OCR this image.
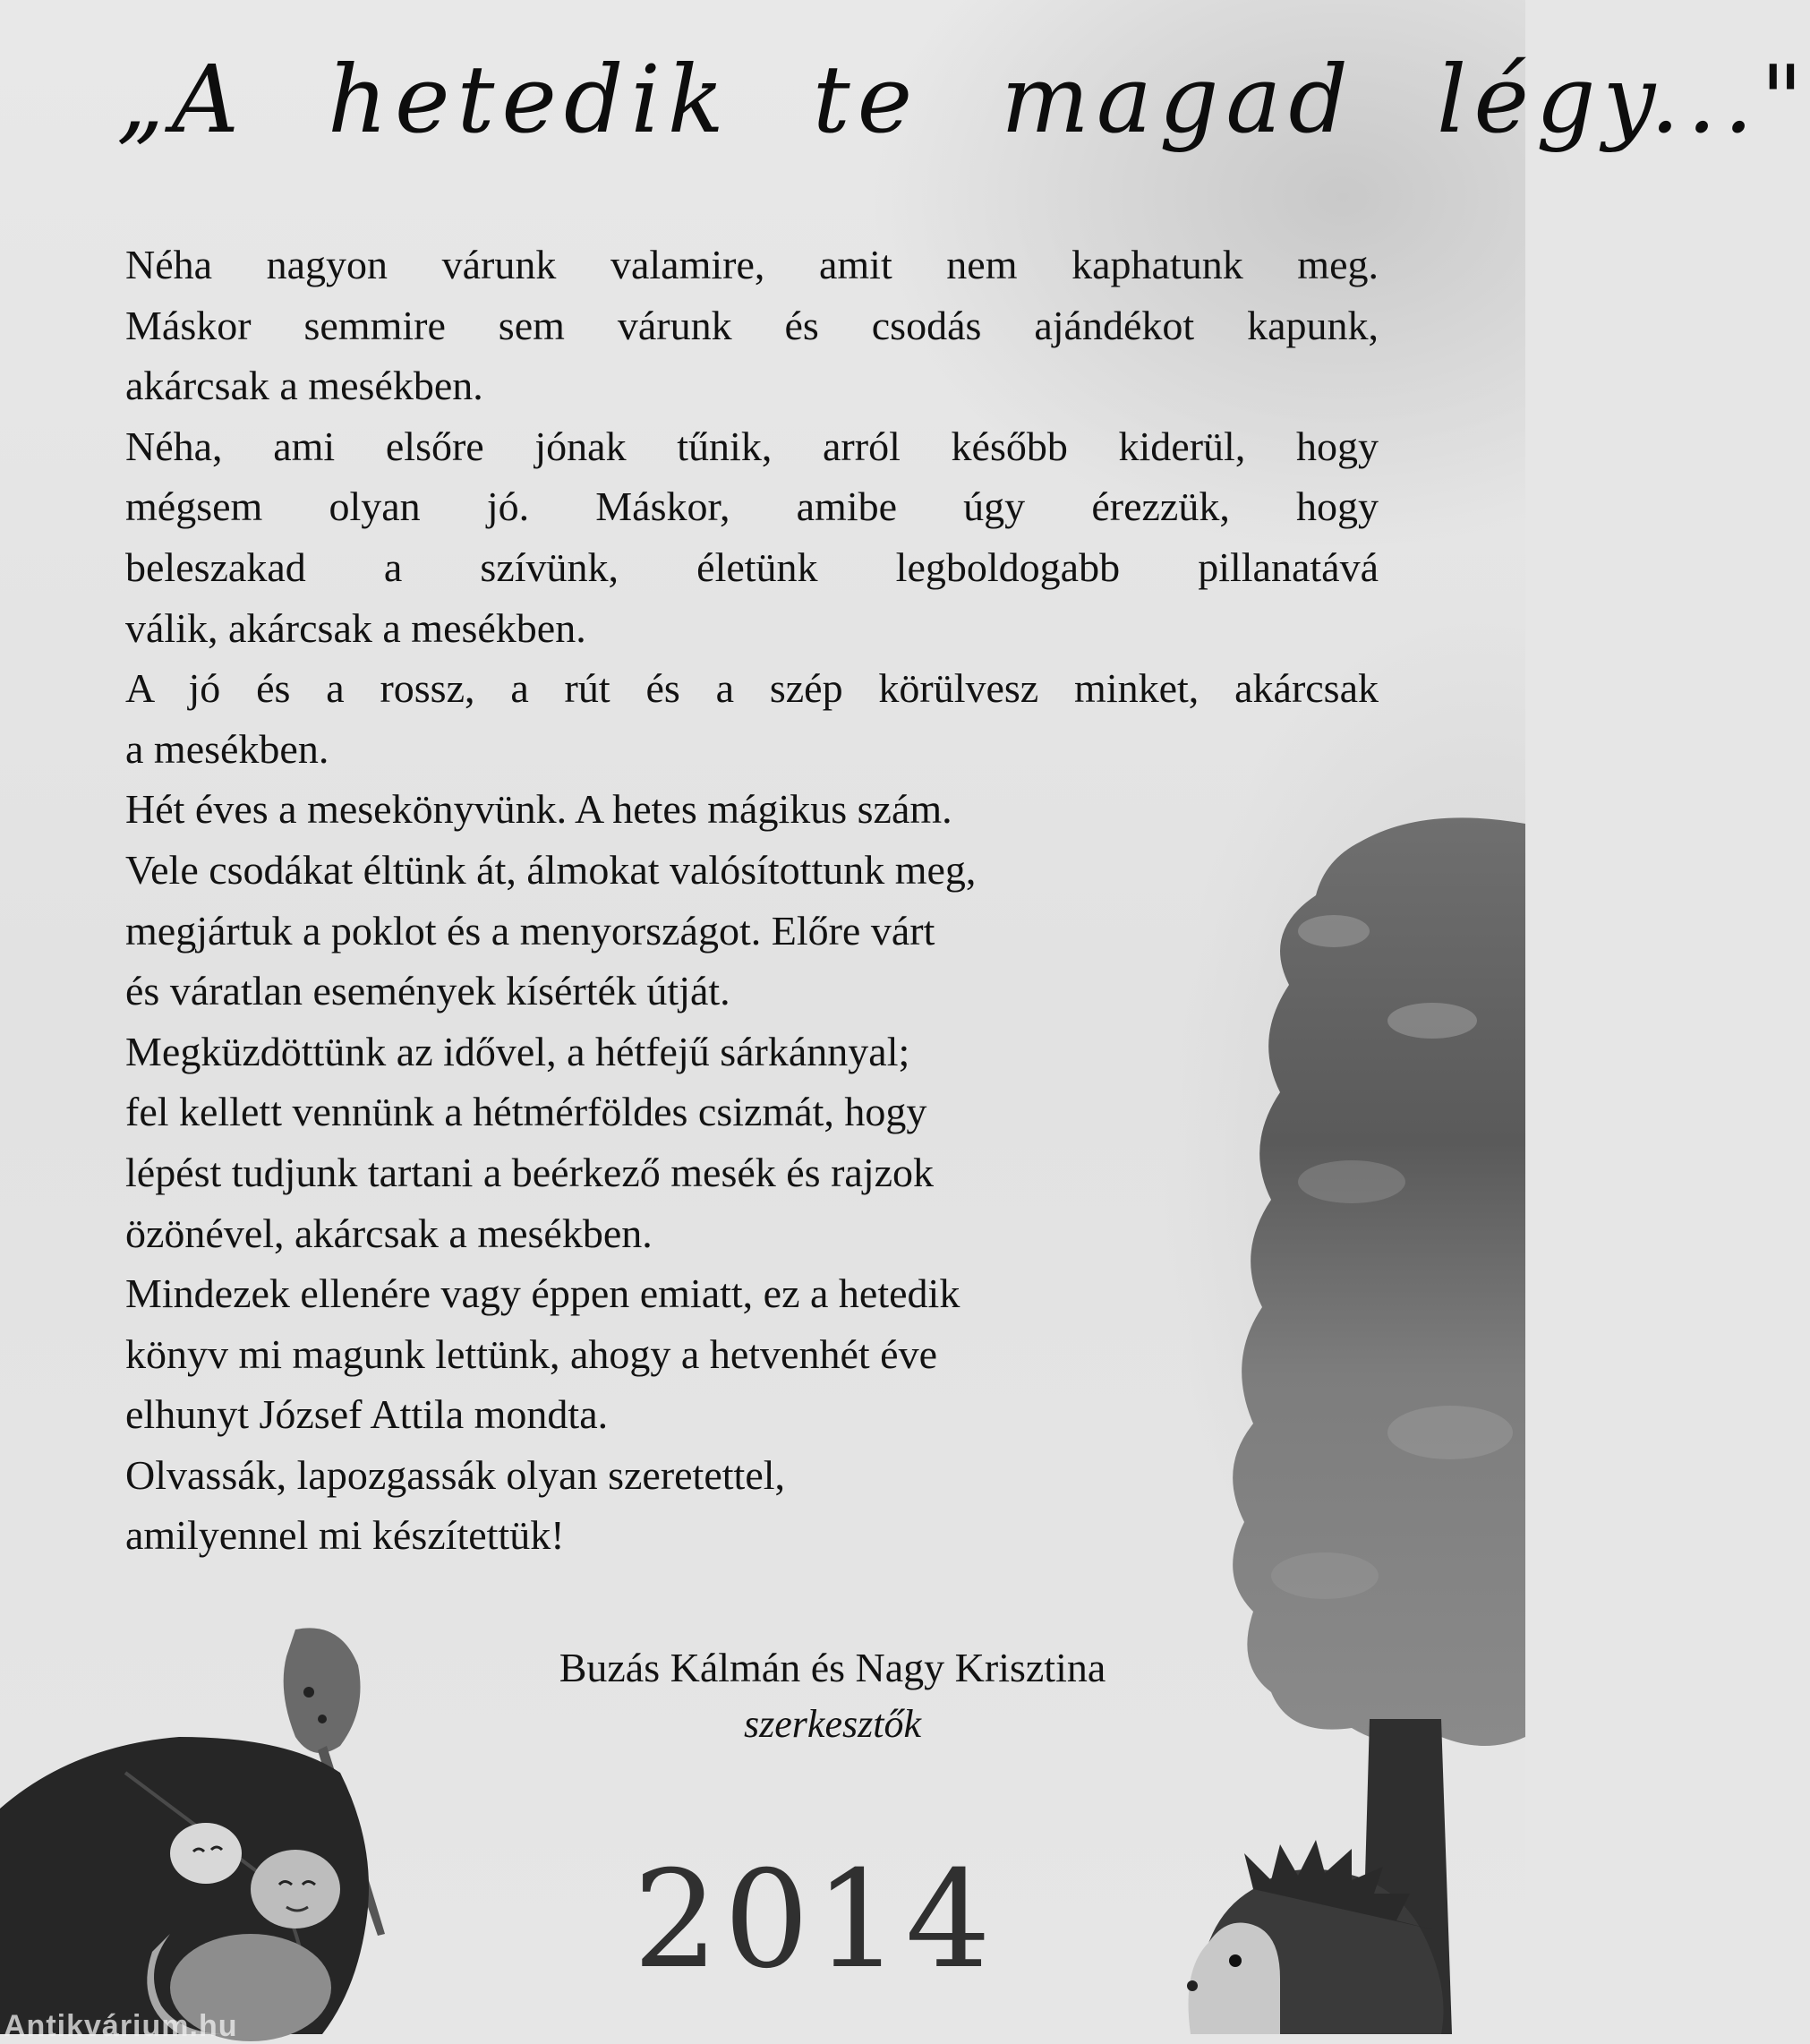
„A hetedik te magad légy..."
Néha nagyon várunk valamire, amit nem kaphatunk meg.
Máskor semmire sem várunk és csodás ajándékot kapunk,
akárcsak a mesékben.
Néha, ami elsőre jónak tűnik, arról később kiderül, hogy
mégsem olyan jó. Máskor, amibe úgy érezzük, hogy
beleszakad a szívünk, életünk legboldogabb pillanatává
válik, akárcsak a mesékben.
A jó és a rossz, a rút és a szép körülvesz minket, akárcsak
a mesékben.
Hét éves a mesekönyvünk. A hetes mágikus szám.
Vele csodákat éltünk át, álmokat valósítottunk meg,
megjártuk a poklot és a menyországot. Előre várt
és váratlan események kísérték útját.
Megküzdöttünk az idővel, a hétfejű sárkánnyal;
fel kellett vennünk a hétmérföldes csizmát, hogy
lépést tudjunk tartani a beérkező mesék és rajzok
özönével, akárcsak a mesékben.
Mindezek ellenére vagy éppen emiatt, ez a hetedik
könyv mi magunk lettünk, ahogy a hetvenhét éve
elhunyt József Attila mondta.
Olvassák, lapozgassák olyan szeretettel,
amilyennel mi készítettük!
Buzás Kálmán és Nagy Krisztina
szerkesztők
2014
Antikvárium.hu
